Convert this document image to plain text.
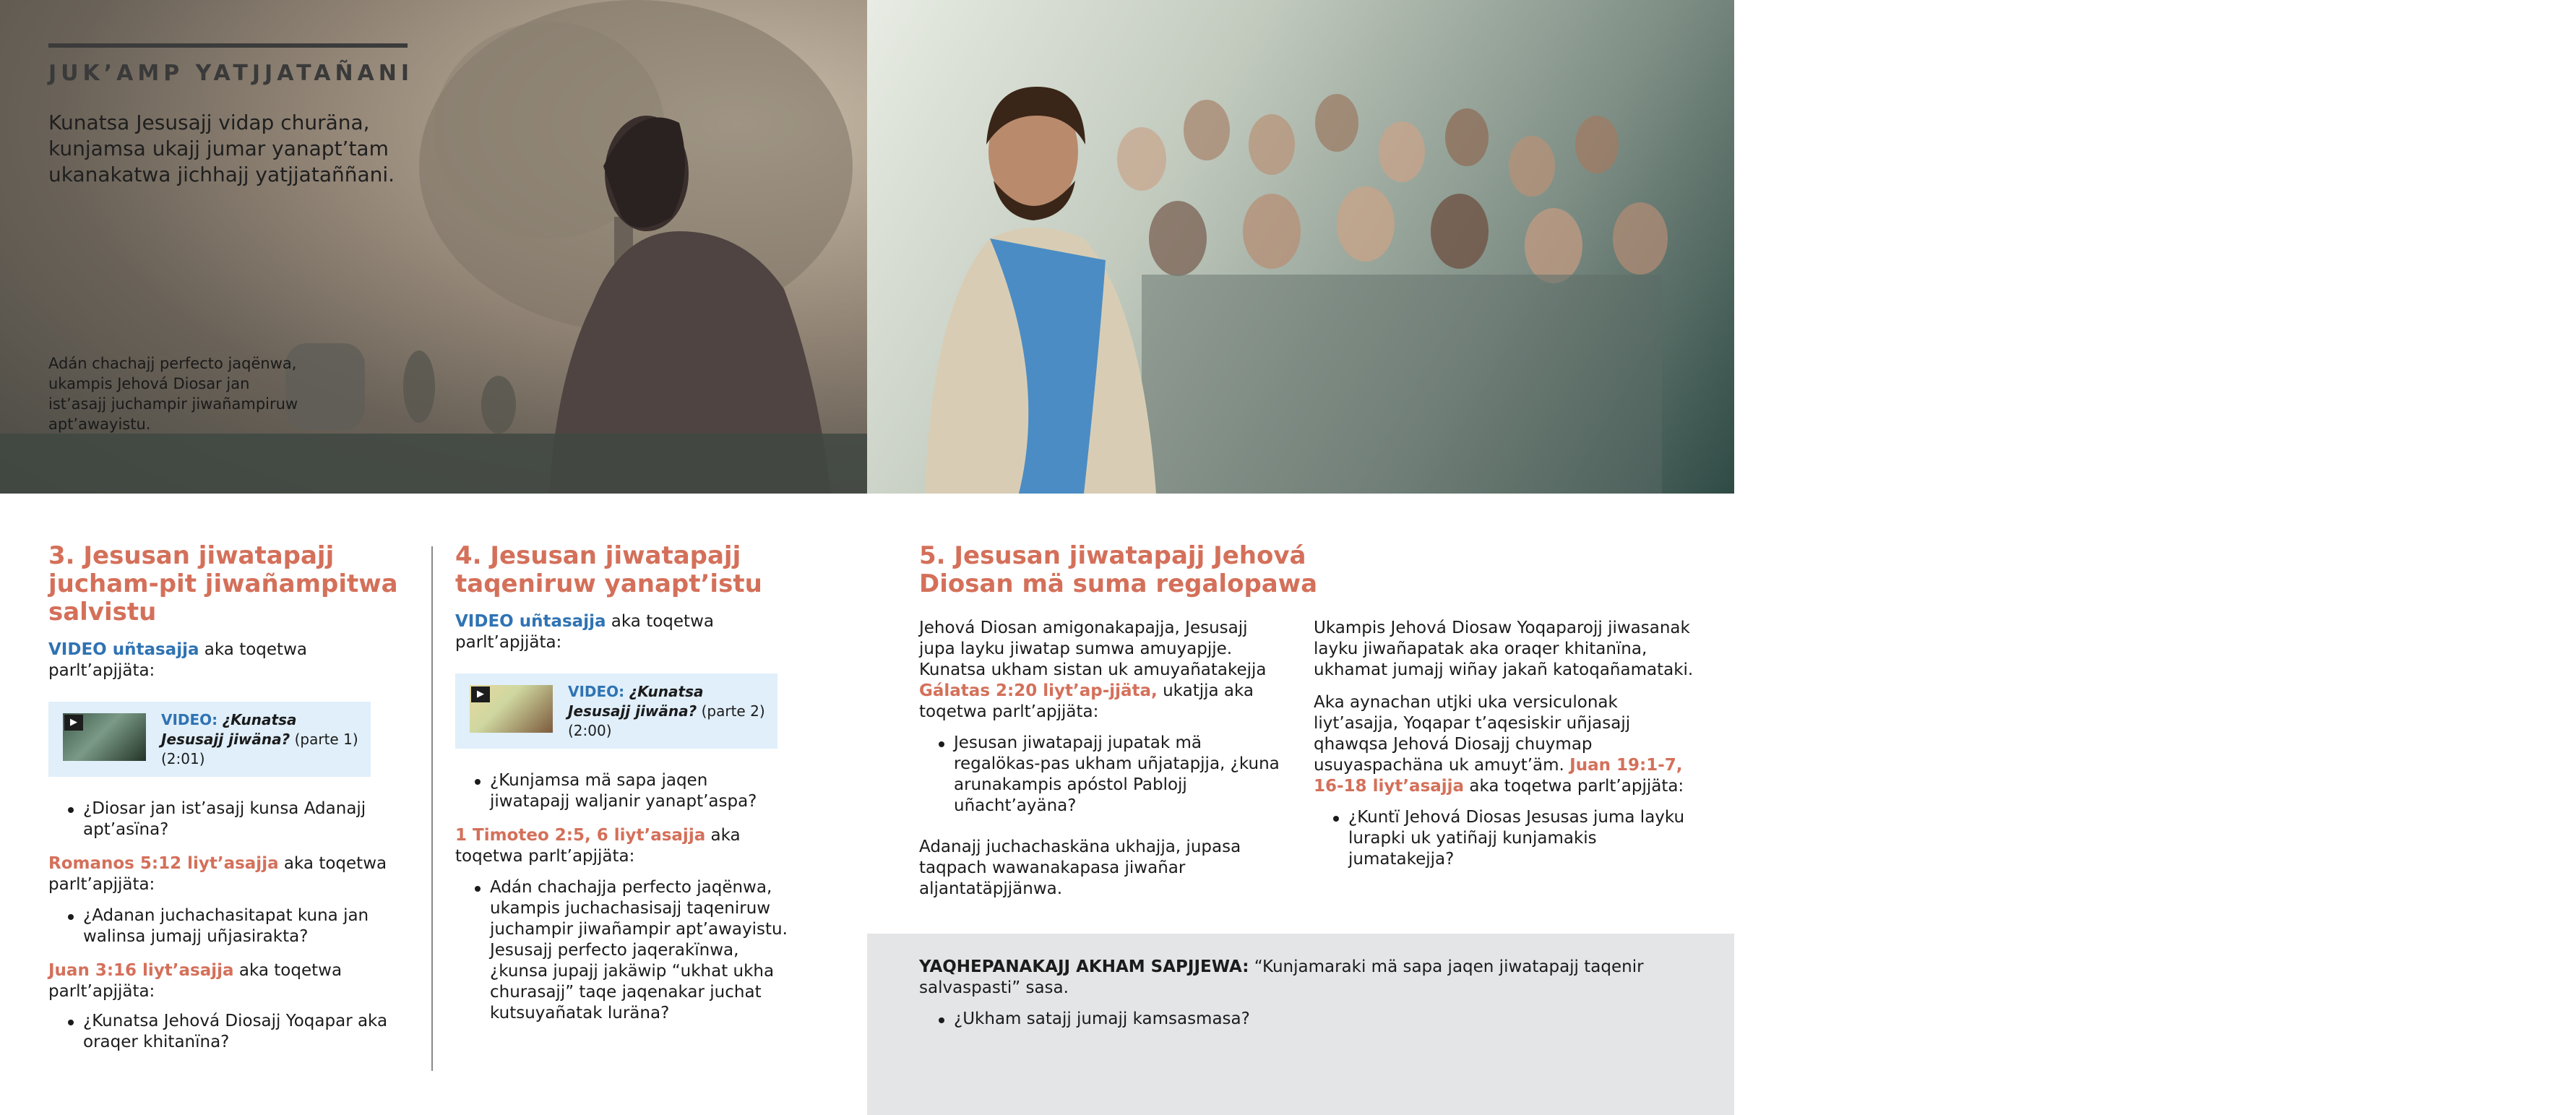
JUK’AMP YATJJATAÑANI
Kunatsa Jesusajj vidap churäna, kunjamsa ukajj jumar yanapt’tam ukanakatwa jichhajj yatjjataññani.
Adán chachajj perfecto jaqënwa, ukampis Jehová Diosar jan ist’asajj juchampir jiwañampiruw apt’awayistu.
Jesusajj perfecto jaqënwa, jupajj Diosar ist’asaw sarnaqäna, ukhamat-wa jaqenakan perfectöpjjañapataki ukhamarak wiñay jakapjjañapatak mä thak jist’arawayi.
3. Jesusan jiwatapajj jucham-pit jiwañampitwa salvistu

VIDEO uñtasajja aka toqetwa parlt’apjjäta:

▶	VIDEO: ¿Kunatsa Jesusajj jiwäna? (parte 1) (2:01)
¿Diosar jan ist’asajj kunsa Adanajj apt’asïna?

Romanos 5:12 liyt’asajja aka toqetwa parlt’apjjäta:

¿Adanan juchachasitapat kuna jan walinsa jumajj uñjasirakta?

Juan 3:16 liyt’asajja aka toqetwa parlt’apjjäta:

¿Kunatsa Jehová Diosajj Yoqapar aka oraqer khitanïna?
4. Jesusan jiwatapajj taqeniruw yanapt’istu

VIDEO uñtasajja aka toqetwa parlt’apjjäta:

▶	VIDEO: ¿Kunatsa Jesusajj jiwäna? (parte 2) (2:00)
¿Kunjamsa mä sapa jaqen jiwatapajj waljanir yanapt’aspa?

1 Timoteo 2:5, 6 liyt’asajja aka toqetwa parlt’apjjäta:

Adán chachajja perfecto jaqënwa, ukampis juchachasisajj taqeniruw juchampir jiwañampir apt’awayistu. Jesusajj perfecto jaqerakïnwa, ¿kunsa jupajj jakäwip “ukhat ukha churasajj” taqe jaqenakar juchat kutsuyañatak luräna?
5. Jesusan jiwatapajj Jehová Diosan mä suma regalopawa

Jehová Diosan amigonakapajja, Jesusajj jupa layku jiwatap sumwa amuyapjje. Kunatsa ukham sistan uk amuyañatakejja Gálatas 2:20 liyt’ap-jjäta, ukatjja aka toqetwa parlt’apjjäta:

Jesusan jiwatapajj jupatak mä regalökas-pas ukham uñjatapjja, ¿kuna arunakampis apóstol Pablojj uñacht’ayäna?

Adanajj juchachaskäna ukhajja, jupasa taqpach wawanakapasa jiwañar aljantatäpjjänwa.

Ukampis Jehová Diosaw Yoqaparojj jiwasanak layku jiwañapatak aka oraqer khitanïna, ukhamat jumajj wiñay jakañ katoqañamataki.

Aka aynachan utjki uka versiculonak liyt’asajja, Yoqapar t’aqesiskir uñjasajj qhawqsa Jehová Diosajj chuymap usuyaspachäna uk amuyt’äm. Juan 19:1-7, 16-18 liyt’asajja aka toqetwa parlt’apjjäta:

¿Kuntï Jehová Diosas Jesusas juma layku lurapki uk yatiñajj kunjamakis jumatakejja?

YAQHEPANAKAJJ AKHAM SAPJJEWA: “Kunjamaraki mä sapa jaqen jiwatapajj taqenir salvaspasti” sasa.

¿Ukham satajj jumajj kamsasmasa?
